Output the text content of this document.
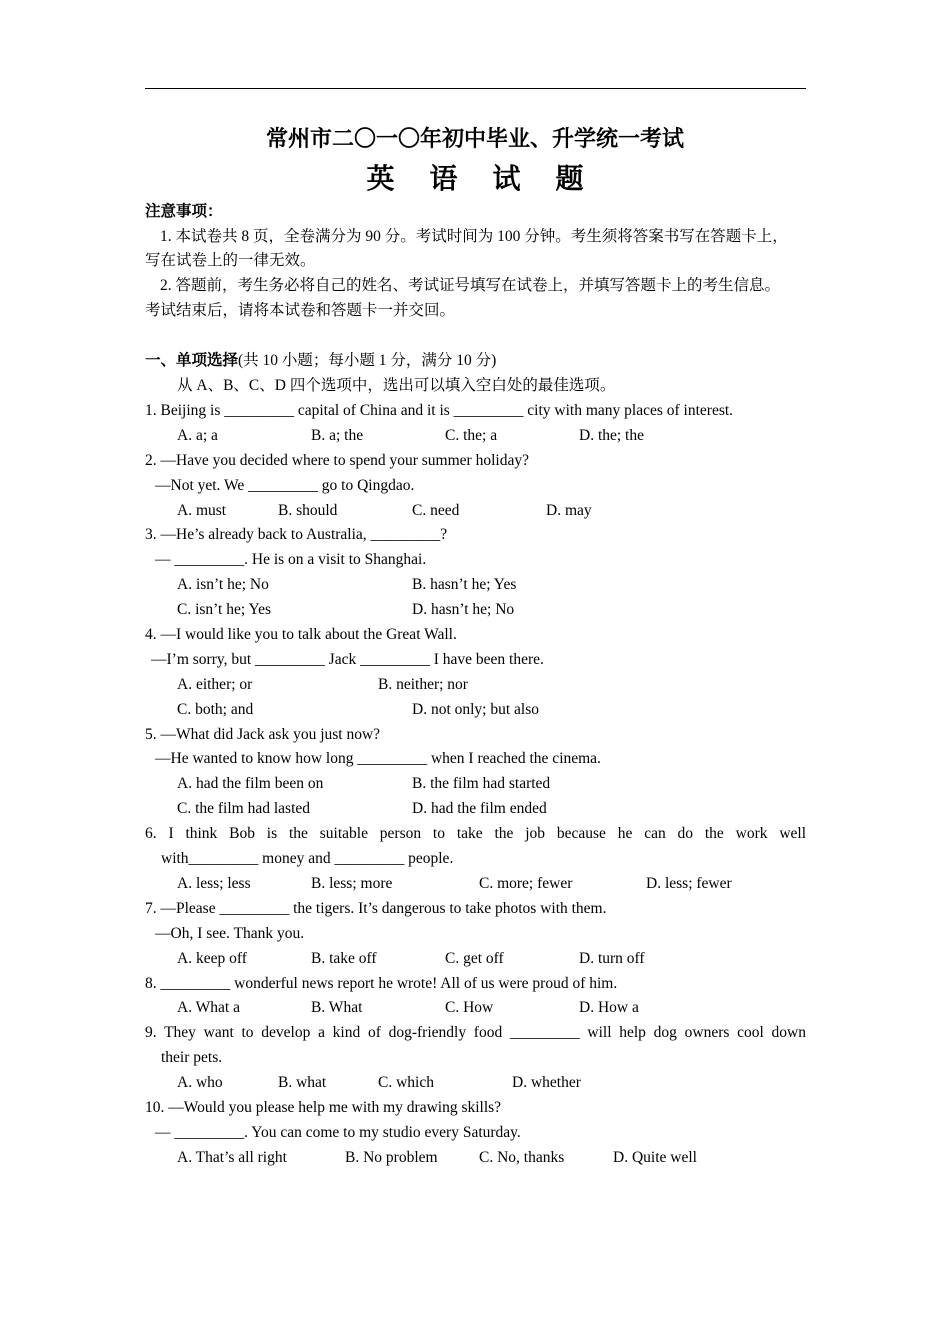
常州市二〇一〇年初中毕业、升学统一考试
英 语 试 题
注意事项：
1. 本试卷共 8 页，全卷满分为 90 分。考试时间为 100 分钟。考生须将答案书写在答题卡上，
写在试卷上的一律无效。
2. 答题前，考生务必将自己的姓名、考试证号填写在试卷上，并填写答题卡上的考生信息。
考试结束后，请将本试卷和答题卡一并交回。
一、单项选择(共 10 小题；每小题 1 分，满分 10 分)
从 A、B、C、D 四个选项中，选出可以填入空白处的最佳选项。
1. Beijing is _________ capital of China and it is _________ city with many places of interest.
A. a; a	B. a; the	C. the; a	D. the; the
2. —Have you decided where to spend your summer holiday?
—Not yet. We _________ go to Qingdao.
A. must	B. should	C. need	D. may
3. —He’s already back to Australia, _________?
— _________. He is on a visit to Shanghai.
A. isn’t he; No	B. hasn’t he; Yes
C. isn’t he; Yes	D. hasn’t he; No
4. —I would like you to talk about the Great Wall.
—I’m sorry, but _________ Jack _________ I have been there.
A. either; or	B. neither; nor
C. both; and	D. not only; but also
5. —What did Jack ask you just now?
—He wanted to know how long _________ when I reached the cinema.
A. had the film been on	B. the film had started
C. the film had lasted	D. had the film ended
6. I think Bob is the suitable person to take the job because he can do the work well
with_________ money and _________ people.
A. less; less	B. less; more	C. more; fewer	D. less; fewer
7. —Please _________ the tigers. It’s dangerous to take photos with them.
—Oh, I see. Thank you.
A. keep off	B. take off	C. get off	D. turn off
8. _________ wonderful news report he wrote! All of us were proud of him.
A. What a	B. What	C. How	D. How a
9. They want to develop a kind of dog-friendly food _________ will help dog owners cool down
their pets.
A. who	B. what	C. which	D. whether
10. —Would you please help me with my drawing skills?
— _________. You can come to my studio every Saturday.
A. That’s all right	B. No problem	C. No, thanks	D. Quite well
